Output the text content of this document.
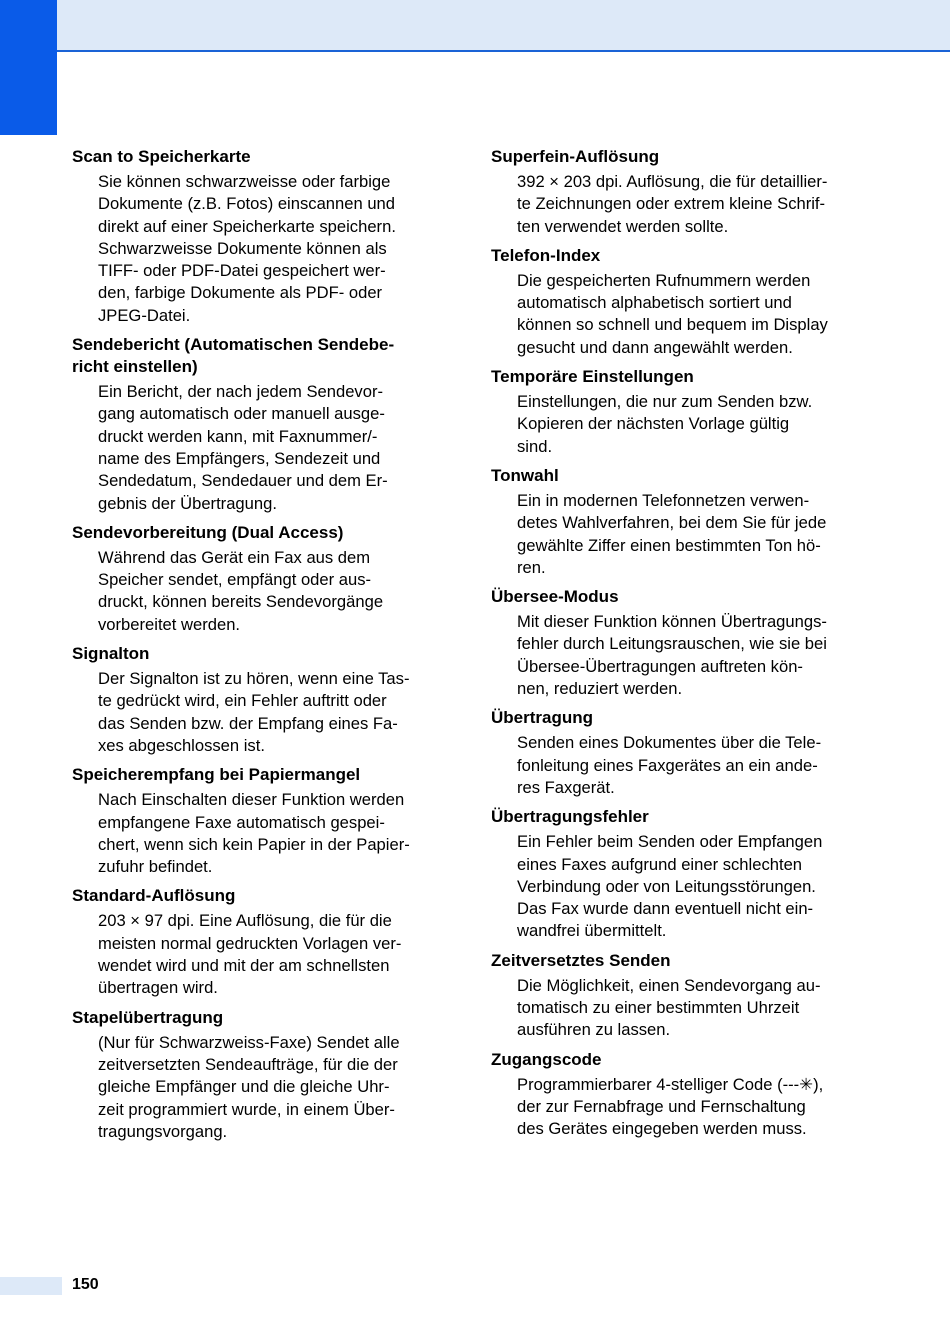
Scan to Speicherkarte
Sie können schwarzweisse oder farbige
Dokumente (z.B. Fotos) einscannen und
direkt auf einer Speicherkarte speichern.
Schwarzweisse Dokumente können als
TIFF- oder PDF-Datei gespeichert wer-
den, farbige Dokumente als PDF- oder
JPEG-Datei.
Sendebericht (Automatischen Sendebe-
richt einstellen)
Ein Bericht, der nach jedem Sendevor-
gang automatisch oder manuell ausge-
druckt werden kann, mit Faxnummer/-
name des Empfängers, Sendezeit und
Sendedatum, Sendedauer und dem Er-
gebnis der Übertragung.
Sendevorbereitung (Dual Access)
Während das Gerät ein Fax aus dem
Speicher sendet, empfängt oder aus-
druckt, können bereits Sendevorgänge
vorbereitet werden.
Signalton
Der Signalton ist zu hören, wenn eine Tas-
te gedrückt wird, ein Fehler auftritt oder
das Senden bzw. der Empfang eines Fa-
xes abgeschlossen ist.
Speicherempfang bei Papiermangel
Nach Einschalten dieser Funktion werden
empfangene Faxe automatisch gespei-
chert, wenn sich kein Papier in der Papier-
zufuhr befindet.
Standard-Auflösung
203 × 97 dpi. Eine Auflösung, die für die
meisten normal gedruckten Vorlagen ver-
wendet wird und mit der am schnellsten
übertragen wird.
Stapelübertragung
(Nur für Schwarzweiss-Faxe) Sendet alle
zeitversetzten Sendeaufträge, für die der
gleiche Empfänger und die gleiche Uhr-
zeit programmiert wurde, in einem Über-
tragungsvorgang.
Superfein-Auflösung
392 × 203 dpi. Auflösung, die für detaillier-
te Zeichnungen oder extrem kleine Schrif-
ten verwendet werden sollte.
Telefon-Index
Die gespeicherten Rufnummern werden
automatisch alphabetisch sortiert und
können so schnell und bequem im Display
gesucht und dann angewählt werden.
Temporäre Einstellungen
Einstellungen, die nur zum Senden bzw.
Kopieren der nächsten Vorlage gültig
sind.
Tonwahl
Ein in modernen Telefonnetzen verwen-
detes Wahlverfahren, bei dem Sie für jede
gewählte Ziffer einen bestimmten Ton hö-
ren.
Übersee-Modus
Mit dieser Funktion können Übertragungs-
fehler durch Leitungsrauschen, wie sie bei
Übersee-Übertragungen auftreten kön-
nen, reduziert werden.
Übertragung
Senden eines Dokumentes über die Tele-
fonleitung eines Faxgerätes an ein ande-
res Faxgerät.
Übertragungsfehler
Ein Fehler beim Senden oder Empfangen
eines Faxes aufgrund einer schlechten
Verbindung oder von Leitungsstörungen.
Das Fax wurde dann eventuell nicht ein-
wandfrei übermittelt.
Zeitversetztes Senden
Die Möglichkeit, einen Sendevorgang au-
tomatisch zu einer bestimmten Uhrzeit
ausführen zu lassen.
Zugangscode
Programmierbarer 4-stelliger Code (---✳),
der zur Fernabfrage und Fernschaltung
des Gerätes eingegeben werden muss.
150
